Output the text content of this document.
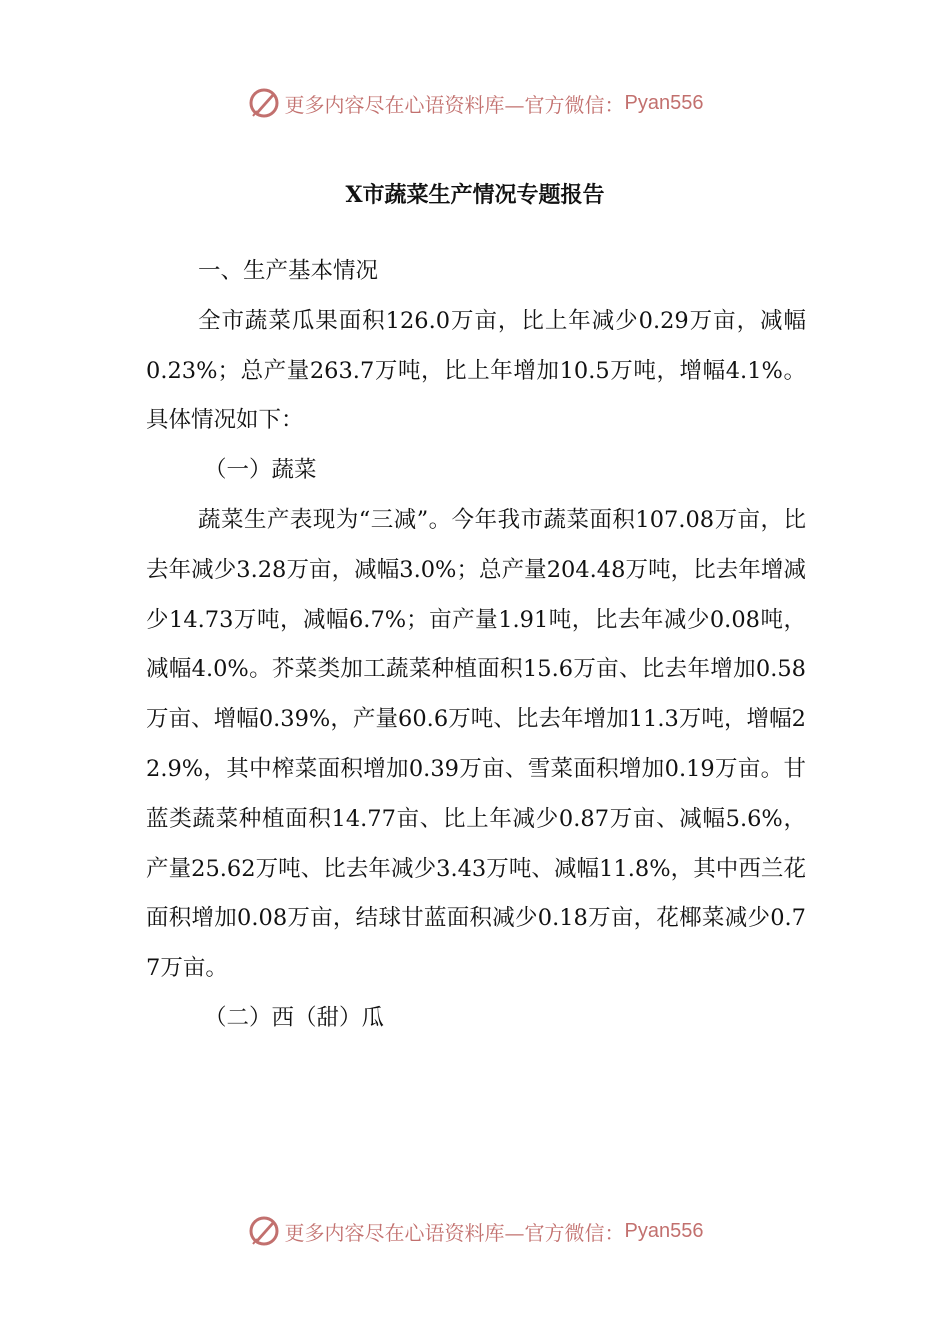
更多内容尽在心语资料库—官方微信： Pyan556
X市蔬菜生产情况专题报告

一、生产基本情况

全市蔬菜瓜果面积126.0万亩，比上年减少0.29万亩，减幅0.23%；总产量263.7万吨，比上年增加10.5万吨，增幅4.1%。具体情况如下：

（一）蔬菜

蔬菜生产表现为“三减”。今年我市蔬菜面积107.08万亩，比去年减少3.28万亩，减幅3.0%；总产量204.48万吨，比去年增减少14.73万吨，减幅6.7%；亩产量1.91吨，比去年减少0.08吨，减幅4.0%。芥菜类加工蔬菜种植面积15.6万亩、比去年增加0.58万亩、增幅0.39%，产量60.6万吨、比去年增加11.3万吨，增幅22.9%，其中榨菜面积增加0.39万亩、雪菜面积增加0.19万亩。甘蓝类蔬菜种植面积14.77亩、比上年减少0.87万亩、减幅5.6%，产量25.62万吨、比去年减少3.43万吨、减幅11.8%，其中西兰花面积增加0.08万亩，结球甘蓝面积减少0.18万亩，花椰菜减少0.77万亩。

（二）西（甜）瓜

更多内容尽在心语资料库—官方微信： Pyan556
